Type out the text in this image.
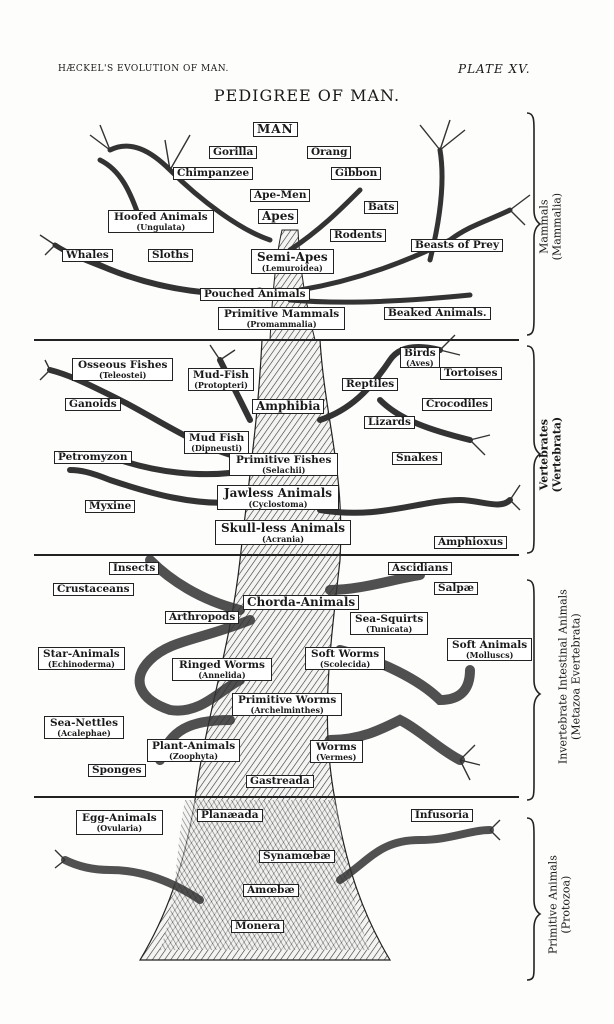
HÆCKEL'S EVOLUTION OF MAN.	PLATE XV.
PEDIGREE OF MAN.
Mammals
(Mammalia)
Vertebrates
(Vertebrata)
Invertebrate Intestinal Animals
(Metazoa Evertebrata)
Primitive Animals
(Protozoa)
MAN
Gorilla	Orang
Chimpanzee	Gibbon
Ape-Men
Bats
Hoofed Animals
(Ungulata)
Apes
Rodents
Whales	Sloths	Semi-Apes
(Lemuroidea)
Beasts of Prey
Pouched Animals
Primitive Mammals
(Promammalia)
Beaked Animals.
Osseous Fishes
(Teleostei)	Mud-Fish
(Protopteri)
Birds
(Aves)
Tortoises
Reptiles
Ganoids	Amphibia	Crocodiles
Lizards
Mud Fish
(Dipneusti)
Petromyzon	Primitive Fishes
(Selachii)
Snakes
Jawless Animals
(Cyclostoma)
Myxine
Skull-less Animals
(Acrania)	Amphioxus
Insects	Ascidians
Crustaceans	Salpæ
Chorda-Animals
Arthropods	Sea-Squirts
(Tunicata)
Soft Animals
(Molluscs)
Star-Animals
(Echinoderma)
Soft Worms
(Scolecida)
Ringed Worms
(Annelida)
Primitive Worms
(Archelminthes)
Sea-Nettles
(Acalephae)
Plant-Animals
(Zoophyta)
Worms
(Vermes)
Sponges
Gastreada
Egg-Animals
(Ovularia)
Planæada	Infusoria
Synamœbæ
Amœbæ
Monera
